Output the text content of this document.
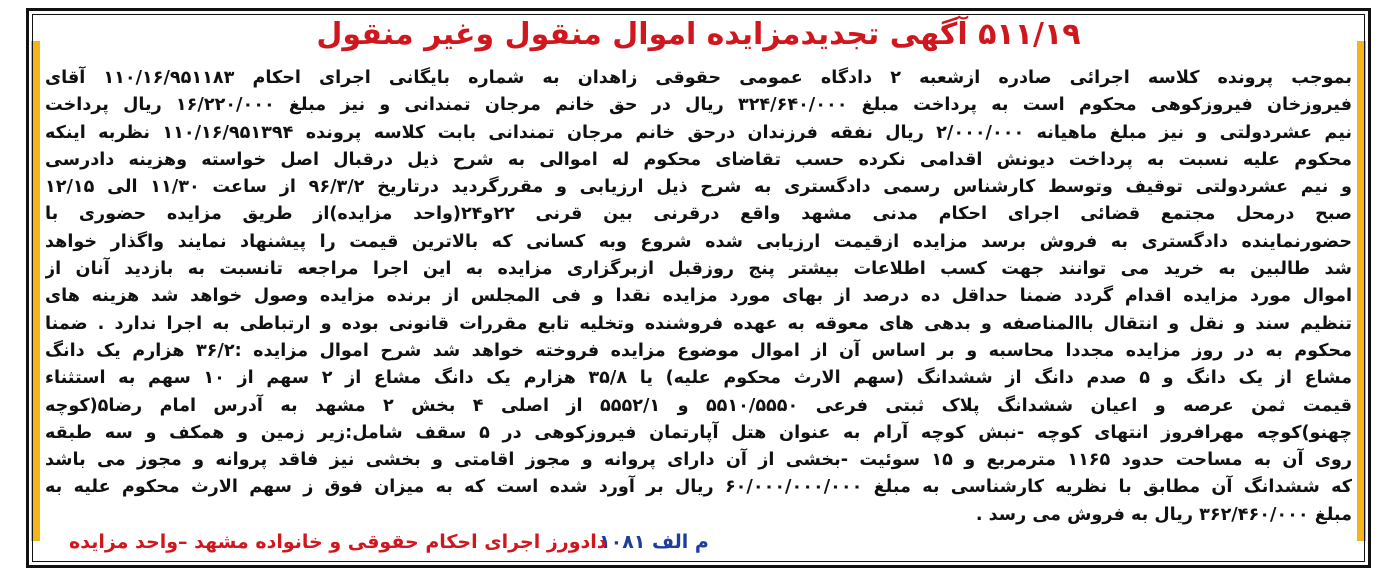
۵۱۱/۱۹ آگهی تجدیدمزایده اموال منقول وغیر منقول
بموجب پرونده کلاسه اجرائی صادره ازشعبه ۲ دادگاه عمومی حقوقی زاهدان به شماره بایگانی اجرای احکام ۱۱۰/۱۶/۹۵۱۱۸۳ آقای
فیروزخان فیروزکوهی محکوم است به پرداخت مبلغ ۳۲۴/۶۴۰/۰۰۰ ریال در حق خانم مرجان تمندانی و نیز مبلغ ۱۶/۲۲۰/۰۰۰ ریال پرداخت
نیم عشردولتی و نیز مبلغ ماهیانه ۲/۰۰۰/۰۰۰ ریال نفقه فرزندان درحق خانم مرجان تمندانی بابت کلاسه پرونده ۱۱۰/۱۶/۹۵۱۳۹۴ نظربه اینکه
محکوم علیه نسبت به پرداخت دیونش اقدامی نکرده حسب تقاضای محکوم له اموالی به شرح ذیل درقبال اصل خواسته وهزینه دادرسی
و نیم عشردولتی توقیف وتوسط کارشناس رسمی دادگستری به شرح ذیل ارزیابی و مقررگردید درتاریخ ۹۶/۳/۲ از ساعت ۱۱/۳۰ الی ۱۲/۱۵
صبح درمحل مجتمع قضائی اجرای احکام مدنی مشهد واقع درقرنی بین قرنی ۲۲و۲۴(واحد مزایده)از طریق مزایده حضوری با
حضورنماینده دادگستری به فروش برسد مزایده ازقیمت ارزیابی شده شروع وبه کسانی که بالاترین قیمت را پیشنهاد نمایند واگذار خواهد
شد طالبین به خرید می توانند جهت کسب اطلاعات بیشتر پنج روزقبل ازبرگزاری مزایده به این اجرا مراجعه تانسبت به بازدید آنان از
اموال مورد مزایده اقدام گردد ضمنا حداقل ده درصد از بهای مورد مزایده نقدا و فی المجلس از برنده مزایده وصول خواهد شد هزینه های
تنظیم سند و نقل و انتقال باالمناصفه و بدهی های معوقه به عهده فروشنده وتخلیه تابع مقررات قانونی بوده و ارتباطی به اجرا ندارد . ضمنا
محکوم به در روز مزایده مجددا محاسبه و بر اساس آن از اموال موضوع مزایده فروخته خواهد شد شرح اموال مزایده :۳۶/۲ هزارم یک دانگ
مشاع از یک دانگ و ۵ صدم دانگ از ششدانگ (سهم الارث محکوم علیه) یا ۳۵/۸ هزارم یک دانگ مشاع از ۲ سهم از ۱۰ سهم به استثناء
قیمت ثمن عرصه و اعیان ششدانگ پلاک ثبتی فرعی ۵۵۱۰/۵۵۵۰ و ۵۵۵۲/۱ از اصلی ۴ بخش ۲ مشهد به آدرس امام رضا۵(کوچه
چهنو)کوچه مهرافروز انتهای کوچه -نبش کوچه آرام به عنوان هتل آپارتمان فیروزکوهی در ۵ سقف شامل:زیر زمین و همکف و سه طبقه
روی آن به مساحت حدود ۱۱۶۵ مترمربع و ۱۵ سوئیت -بخشی از آن دارای پروانه و مجوز اقامتی و بخشی نیز فاقد پروانه و مجوز می باشد
که ششدانگ آن مطابق با نظریه کارشناسی به مبلغ ۶۰/۰۰۰/۰۰۰/۰۰۰ ریال بر آورد شده است که به میزان فوق ز سهم الارث محکوم علیه به
مبلغ ۳۶۲/۴۶۰/۰۰۰ ریال به فروش می رسد .
م الف ۱۰۸۱
دادورز اجرای احکام حقوقی و خانواده مشهد –واحد مزایده
